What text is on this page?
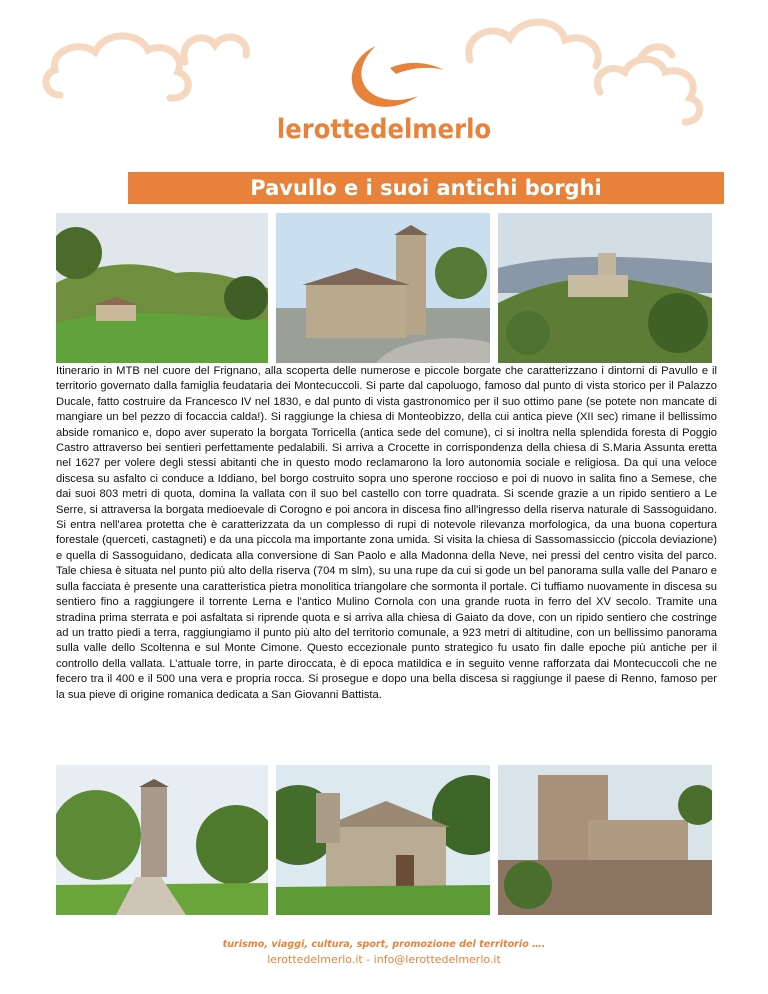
lerottedelmerlo
Pavullo e i suoi antichi borghi

Itinerario in MTB nel cuore del Frignano, alla scoperta delle numerose e piccole borgate che caratterizzano i dintorni di Pavullo e il territorio governato dalla famiglia feudataria dei Montecuccoli. Si parte dal capoluogo, famoso dal punto di vista storico per il Palazzo Ducale, fatto costruire da Francesco IV nel 1830, e dal punto di vista gastronomico per il suo ottimo pane (se potete non mancate di mangiare un bel pezzo di focaccia calda!). Si raggiunge la chiesa di Monteobizzo, della cui antica pieve (XII sec) rimane il bellissimo abside romanico e, dopo aver superato la borgata Torricella (antica sede del comune), ci si inoltra nella splendida foresta di Poggio Castro attraverso bei sentieri perfettamente pedalabili. Si arriva a Crocette in corrispondenza della chiesa di S.Maria Assunta eretta nel 1627 per volere degli stessi abitanti che in questo modo reclamarono la loro autonomia sociale e religiosa. Da qui una veloce discesa su asfalto ci conduce a Iddiano, bel borgo costruito sopra uno sperone roccioso e poi di nuovo in salita fino a Semese, che dai suoi 803 metri di quota, domina la vallata con il suo bel castello con torre quadrata. Si scende grazie a un ripido sentiero a Le Serre, si attraversa la borgata medioevale di Corogno e poi ancora in discesa fino all'ingresso della riserva naturale di Sassoguidano. Si entra nell'area protetta che è caratterizzata da un complesso di rupi di notevole rilevanza morfologica, da una buona copertura forestale (querceti, castagneti) e da una piccola ma importante zona umida. Si visita la chiesa di Sassomassiccio (piccola deviazione) e quella di Sassoguidano, dedicata alla conversione di San Paolo e alla Madonna della Neve, nei pressi del centro visita del parco. Tale chiesa è situata nel punto più alto della riserva (704 m slm), su una rupe da cui si gode un bel panorama sulla valle del Panaro e sulla facciata è presente una caratteristica pietra monolitica triangolare che sormonta il portale. Ci tuffiamo nuovamente in discesa su sentiero fino a raggiungere il torrente Lerna e l'antico Mulino Cornola con una grande ruota in ferro del XV secolo. Tramite una stradina prima sterrata e poi asfaltata si riprende quota e si arriva alla chiesa di Gaiato da dove, con un ripido sentiero che costringe ad un tratto piedi a terra, raggiungiamo il punto più alto del territorio comunale, a 923 metri di altitudine, con un bellissimo panorama sulla valle dello Scoltenna e sul Monte Cimone. Questo eccezionale punto strategico fu usato fin dalle epoche più antiche per il controllo della vallata. L’attuale torre, in parte diroccata, è di epoca matildica e in seguito venne rafforzata dai Montecuccoli che ne fecero tra il 400 e il 500 una vera e propria rocca. Si prosegue e dopo una bella discesa si raggiunge il paese di Renno, famoso per la sua pieve di origine romanica dedicata a San Giovanni Battista.

turismo, viaggi, cultura, sport, promozione del territorio ….
lerottedelmerlo.it - info@lerottedelmerlo.it
